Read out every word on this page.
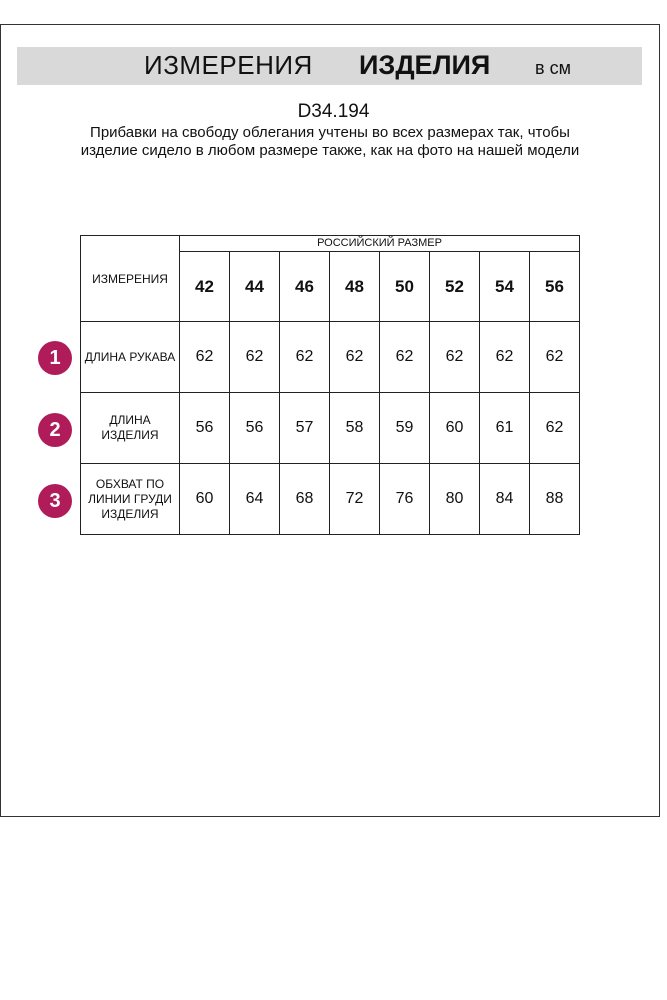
ИЗМЕРЕНИЯ ИЗДЕЛИЯ в см
D34.194
Прибавки на свободу облегания учтены во всех размерах так, чтобы изделие сидело в любом размере также, как на фото на нашей модели
ИЗМЕРЕНИЯ	РОССИЙСКИЙ РАЗМЕР							
	42	44	46	48	50	52	54	56
ДЛИНА РУКАВА	62	62	62	62	62	62	62	62
ДЛИНА ИЗДЕЛИЯ	56	56	57	58	59	60	61	62
ОБХВАТ ПО ЛИНИИ ГРУДИ ИЗДЕЛИЯ	60	64	68	72	76	80	84	88
1
2
3
